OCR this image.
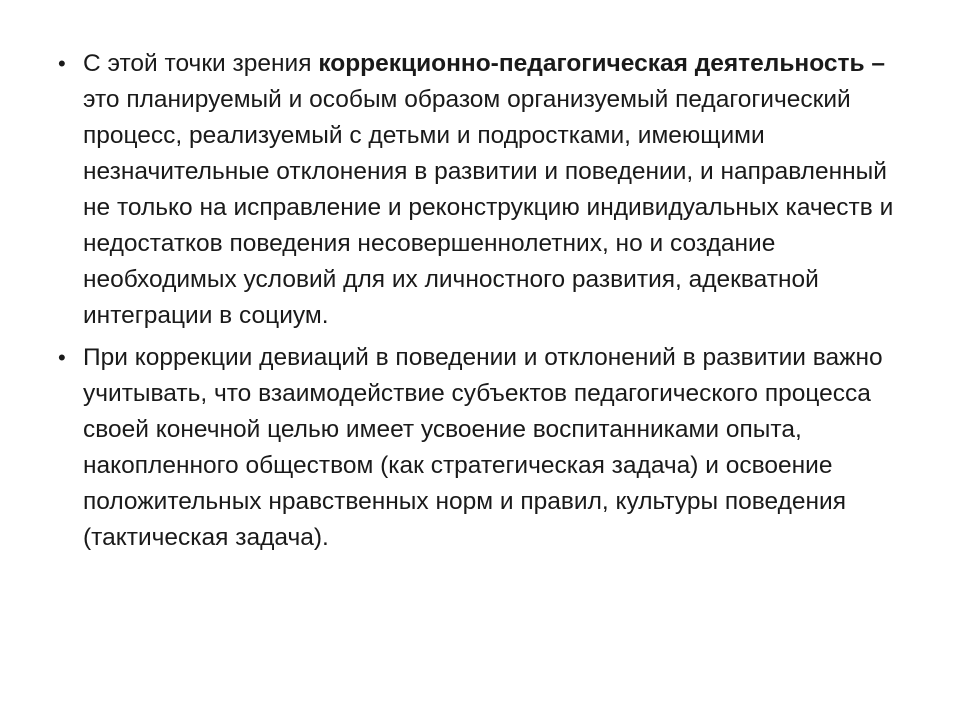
• С этой точки зрения коррекционно-педагогическая деятельность – это планируемый и особым образом организуемый педагогический процесс, реализуемый с детьми и подростками, имеющими незначительные отклонения в развитии и поведении, и направленный не только на исправление и реконструкцию индивидуальных качеств и недостатков поведения несовершеннолетних, но и создание необходимых условий для их личностного развития, адекватной интеграции в социум.
• При коррекции девиаций в поведении и отклонений в развитии важно учитывать, что взаимодействие субъектов педагогического процесса своей конечной целью имеет усвоение воспитанниками опыта, накопленного обществом (как стратегическая задача) и освоение положительных нравственных норм и правил, культуры поведения (тактическая задача).
